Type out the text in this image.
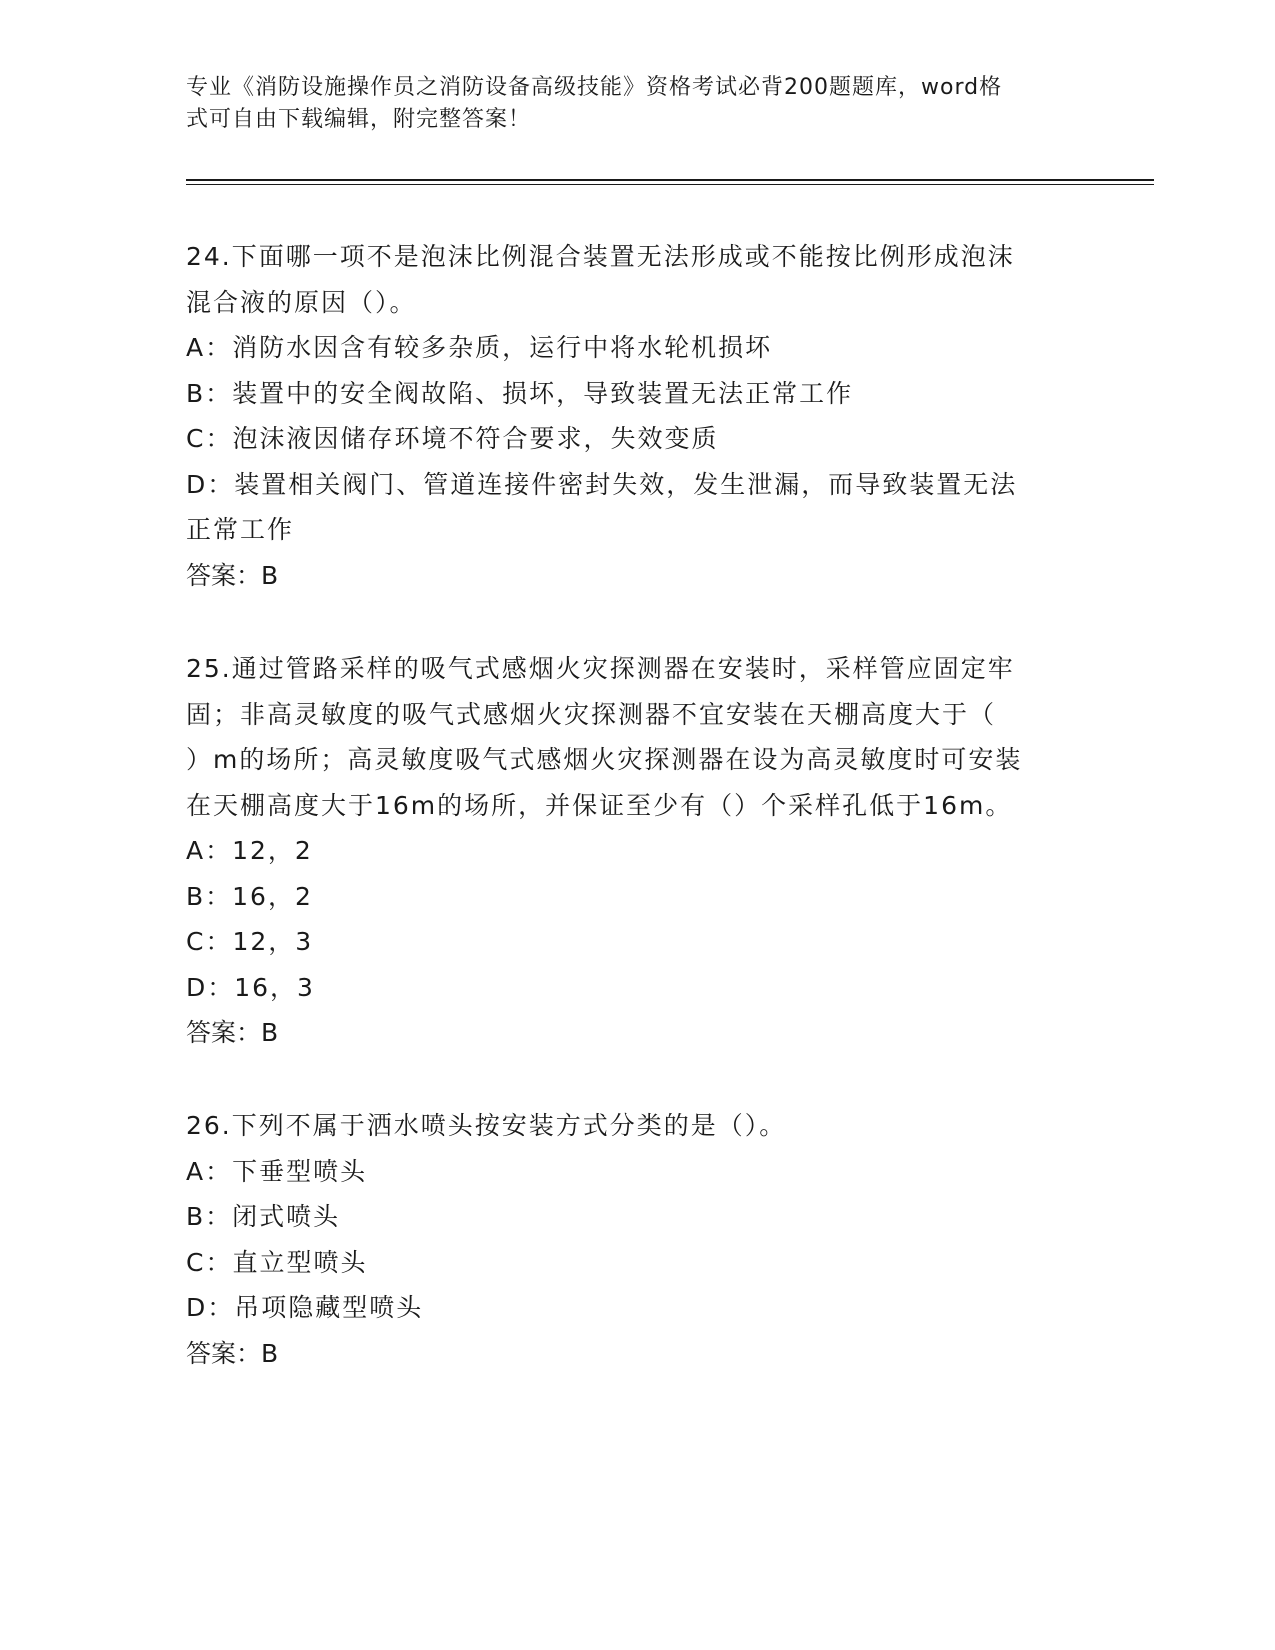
专业《消防设施操作员之消防设备高级技能》资格考试必背200题题库，word格
式可自由下载编辑，附完整答案！
24.下面哪一项不是泡沫比例混合装置无法形成或不能按比例形成泡沫
混合液的原因（）。
A：消防水因含有较多杂质，运行中将水轮机损坏
B：装置中的安全阀故陷、损坏，导致装置无法正常工作
C：泡沫液因储存环境不符合要求，失效变质
D：装置相关阀门、管道连接件密封失效，发生泄漏，而导致装置无法
正常工作
答案：B
25.通过管路采样的吸气式感烟火灾探测器在安装时，采样管应固定牢
固；非高灵敏度的吸气式感烟火灾探测器不宜安装在天棚高度大于（
）m的场所；高灵敏度吸气式感烟火灾探测器在设为高灵敏度时可安装
在天棚高度大于16m的场所，并保证至少有（）个采样孔低于16m。
A：12，2
B：16，2
C：12，3
D：16，3
答案：B
26.下列不属于洒水喷头按安装方式分类的是（）。
A：下垂型喷头
B：闭式喷头
C：直立型喷头
D：吊项隐藏型喷头
答案：B
